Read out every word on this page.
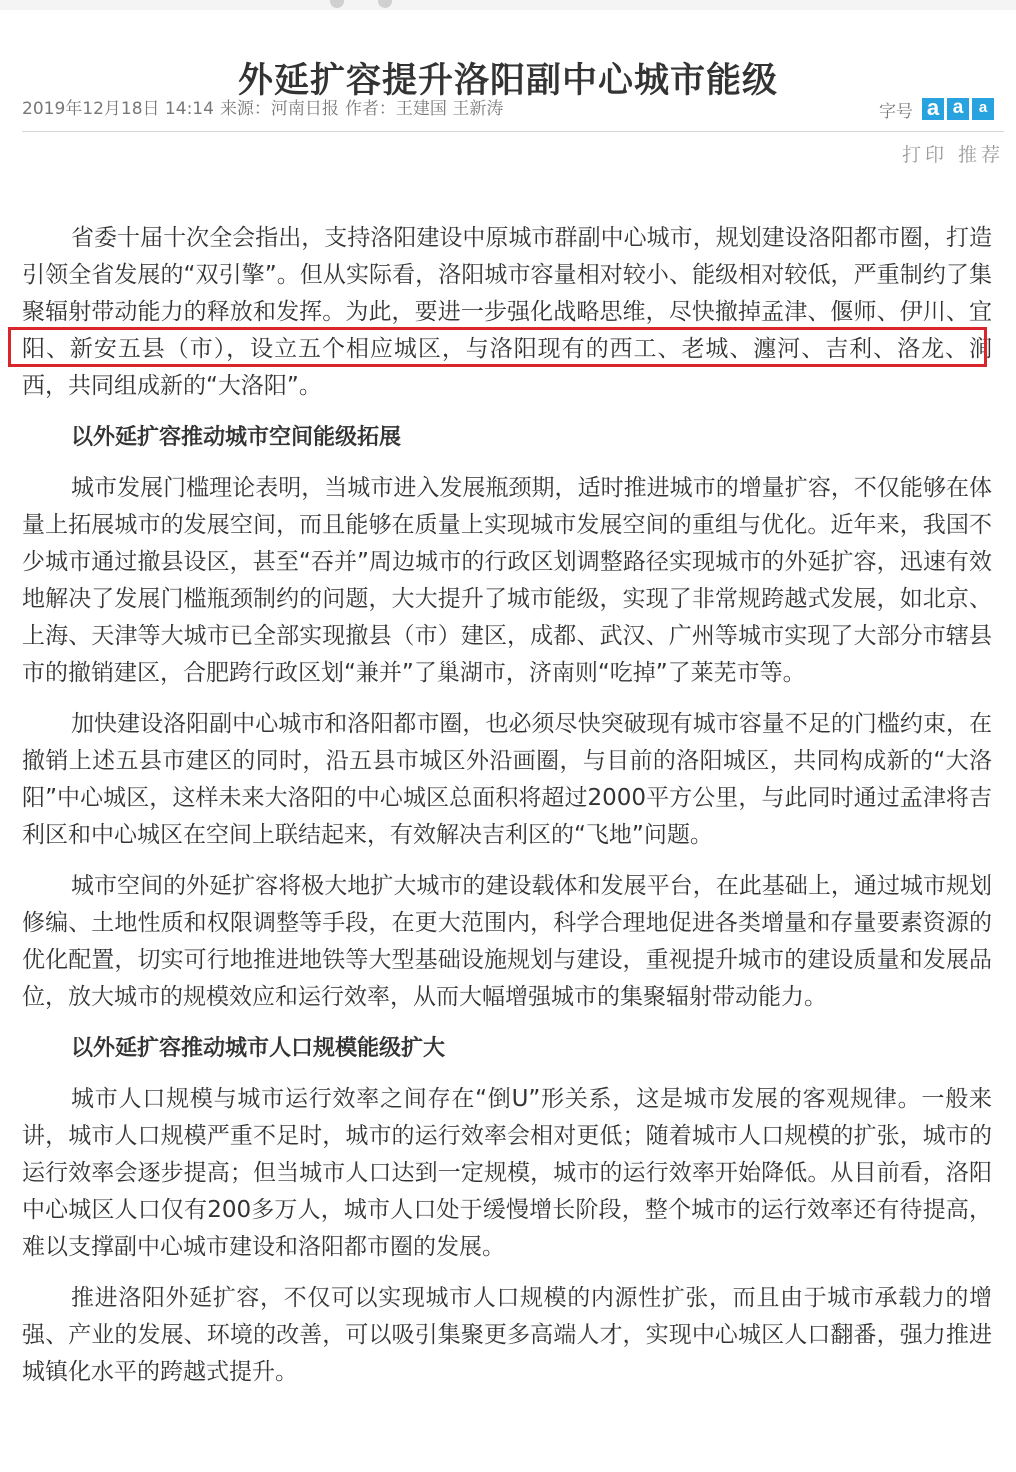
外延扩容提升洛阳副中心城市能级
2019年12月18日 14:14 来源：河南日报 作者：王建国 王新涛	字号 a a	a
打印 推荐

省委十届十次全会指出，支持洛阳建设中原城市群副中心城市，规划建设洛阳都市圈，打造引领全省发展的“双引擎”。但从实际看，洛阳城市容量相对较小、能级相对较低，严重制约了集聚辐射带动能力的释放和发挥。为此，要进一步强化战略思维，尽快撤掉孟津、偃师、伊川、宜阳、新安五县（市），设立五个相应城区，与洛阳现有的西工、老城、瀍河、吉利、洛龙、涧西，共同组成新的“大洛阳”。

以外延扩容推动城市空间能级拓展

城市发展门槛理论表明，当城市进入发展瓶颈期，适时推进城市的增量扩容，不仅能够在体量上拓展城市的发展空间，而且能够在质量上实现城市发展空间的重组与优化。近年来，我国不少城市通过撤县设区，甚至“吞并”周边城市的行政区划调整路径实现城市的外延扩容，迅速有效地解决了发展门槛瓶颈制约的问题，大大提升了城市能级，实现了非常规跨越式发展，如北京、上海、天津等大城市已全部实现撤县（市）建区，成都、武汉、广州等城市实现了大部分市辖县市的撤销建区，合肥跨行政区划“兼并”了巢湖市，济南则“吃掉”了莱芜市等。

加快建设洛阳副中心城市和洛阳都市圈，也必须尽快突破现有城市容量不足的门槛约束，在撤销上述五县市建区的同时，沿五县市城区外沿画圈，与目前的洛阳城区，共同构成新的“大洛阳”中心城区，这样未来大洛阳的中心城区总面积将超过2000平方公里，与此同时通过孟津将吉利区和中心城区在空间上联结起来，有效解决吉利区的“飞地”问题。

城市空间的外延扩容将极大地扩大城市的建设载体和发展平台，在此基础上，通过城市规划修编、土地性质和权限调整等手段，在更大范围内，科学合理地促进各类增量和存量要素资源的优化配置，切实可行地推进地铁等大型基础设施规划与建设，重视提升城市的建设质量和发展品位，放大城市的规模效应和运行效率，从而大幅增强城市的集聚辐射带动能力。

以外延扩容推动城市人口规模能级扩大

城市人口规模与城市运行效率之间存在“倒U”形关系，这是城市发展的客观规律。一般来讲，城市人口规模严重不足时，城市的运行效率会相对更低；随着城市人口规模的扩张，城市的运行效率会逐步提高；但当城市人口达到一定规模，城市的运行效率开始降低。从目前看，洛阳中心城区人口仅有200多万人，城市人口处于缓慢增长阶段，整个城市的运行效率还有待提高，难以支撑副中心城市建设和洛阳都市圈的发展。

推进洛阳外延扩容，不仅可以实现城市人口规模的内源性扩张，而且由于城市承载力的增强、产业的发展、环境的改善，可以吸引集聚更多高端人才，实现中心城区人口翻番，强力推进城镇化水平的跨越式提升。
